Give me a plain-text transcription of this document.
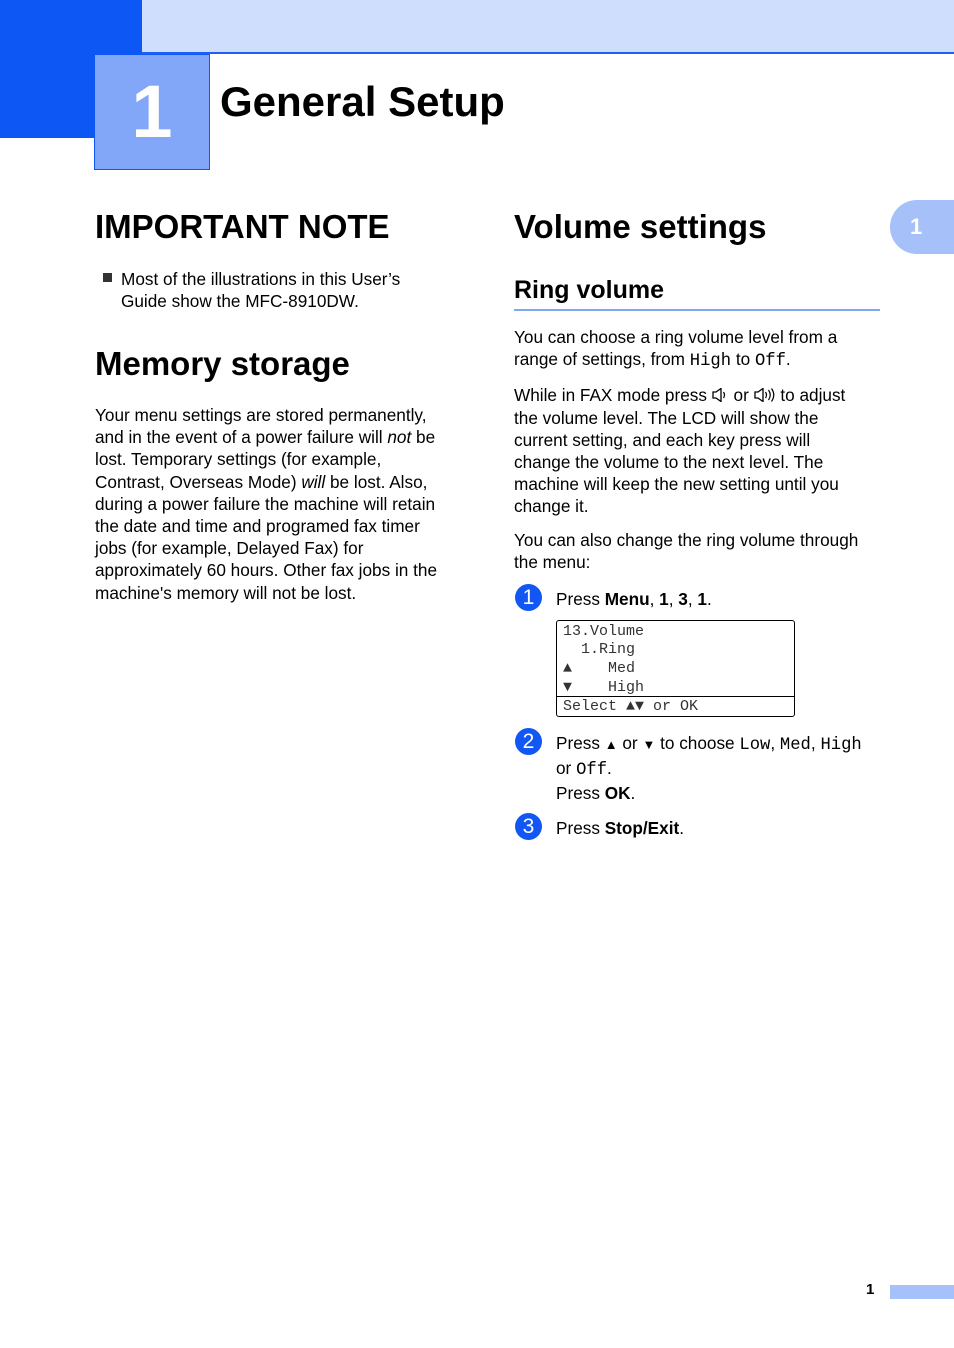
1	General Setup
1
IMPORTANT NOTE
Most of the illustrations in this User’s
Guide show the MFC-8910DW.
Memory storage
Your menu settings are stored permanently,
and in the event of a power failure will not be
lost. Temporary settings (for example,
Contrast, Overseas Mode) will be lost. Also,
during a power failure the machine will retain
the date and time and programed fax timer
jobs (for example, Delayed Fax) for
approximately 60 hours. Other fax jobs in the
machine's memory will not be lost.
Volume settings
Ring volume

You can choose a ring volume level from a
range of settings, from High to Off.

While in FAX mode press  or  to adjust
the volume level. The LCD will show the
current setting, and each key press will
change the volume to the next level. The
machine will keep the new setting until you
change it.

You can also change the ring volume through
the menu:

1	Press Menu, 1, 3, 1.
13.Volume
1.Ring
▲    Med
▼    High
Select ▲▼ or OK
2	Press ▲ or ▼ to choose Low, Med, High
or Off.
Press OK.
3	Press Stop/Exit.
1
